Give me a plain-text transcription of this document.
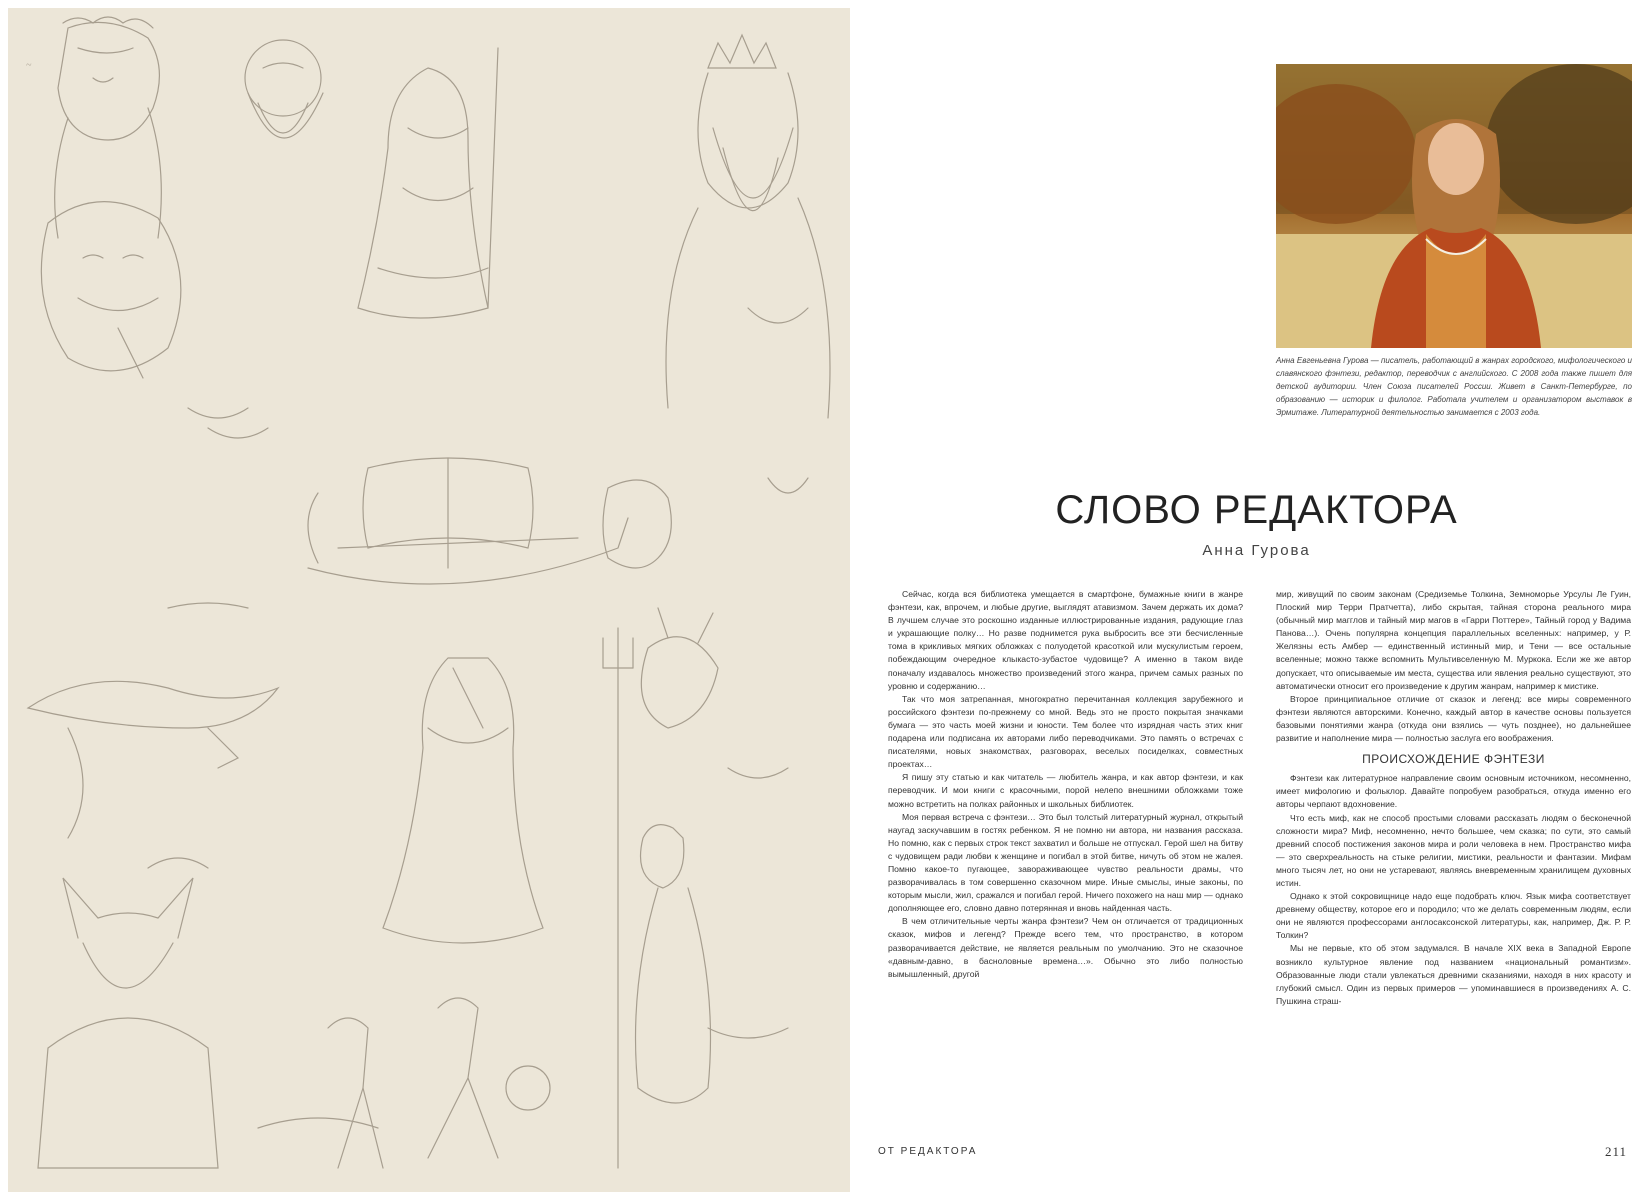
~
Анна Евгеньевна Гурова — писатель, работающий в жанрах городского, мифологического и славянского фэнтези, редактор, переводчик с английского. С 2008 года также пишет для детской аудитории. Член Союза писателей России. Живет в Санкт-Петербурге, по образованию — историк и филолог. Работала учителем и организатором выставок в Эрмитаже. Литературной деятельностью занимается с 2003 года.
СЛОВО РЕДАКТОРА
Анна Гурова

Сейчас, когда вся библиотека умещается в смартфоне, бумажные книги в жанре фэнтези, как, впрочем, и любые другие, выглядят атавизмом. Зачем держать их дома? В лучшем случае это роскошно изданные иллюстрированные издания, радующие глаз и украшающие полку… Но разве поднимется рука выбросить все эти бесчисленные тома в крикливых мягких обложках с полуодетой красоткой или мускулистым героем, побеждающим очередное клыкасто-зубастое чудовище? А именно в таком виде поначалу издавалось множество произведений этого жанра, причем самых разных по уровню и содержанию…

Так что моя затрепанная, многократно перечитанная коллекция зарубежного и российского фэнтези по-прежнему со мной. Ведь это не просто покрытая значками бумага — это часть моей жизни и юности. Тем более что изрядная часть этих книг подарена или подписана их авторами либо переводчиками. Это память о встречах с писателями, новых знакомствах, разговорах, веселых посиделках, совместных проектах…

Я пишу эту статью и как читатель — любитель жанра, и как автор фэнтези, и как переводчик. И мои книги с красочными, порой нелепо внешними обложками тоже можно встретить на полках районных и школьных библиотек.

Моя первая встреча с фэнтези… Это был толстый литературный журнал, открытый наугад заскучавшим в гостях ребенком. Я не помню ни автора, ни названия рассказа. Но помню, как с первых строк текст захватил и больше не отпускал. Герой шел на битву с чудовищем ради любви к женщине и погибал в этой битве, ничуть об этом не жалея. Помню какое-то пугающее, завораживающее чувство реальности драмы, что разворачивалась в том совершенно сказочном мире. Иные смыслы, иные законы, по которым мысли, жил, сражался и погибал герой. Ничего похожего на наш мир — однако дополняющее его, словно давно потерянная и вновь найденная часть.

В чем отличительные черты жанра фэнтези? Чем он отличается от традиционных сказок, мифов и легенд? Прежде всего тем, что пространство, в котором разворачивается действие, не является реальным по умолчанию. Это не сказочное «давным-давно, в басноловные времена…». Обычно это либо полностью вымышленный, другой

мир, живущий по своим законам (Средиземье Толкина, Земноморье Урсулы Ле Гуин, Плоский мир Терри Пратчетта), либо скрытая, тайная сторона реального мира (обычный мир магглов и тайный мир магов в «Гарри Поттере», Тайный город у Вадима Панова…). Очень популярна концепция параллельных вселенных: например, у Р. Желязны есть Амбер — единственный истинный мир, и Тени — все остальные вселенные; можно также вспомнить Мультивселенную М. Муркока. Если же же автор допускает, что описываемые им места, существа или явления реально существуют, это автоматически относит его произведение к другим жанрам, например к мистике.

Второе принципиальное отличие от сказок и легенд: все миры современного фэнтези являются авторскими. Конечно, каждый автор в качестве основы пользуется базовыми понятиями жанра (откуда они взялись — чуть позднее), но дальнейшее развитие и наполнение мира — полностью заслуга его воображения.

ПРОИСХОЖДЕНИЕ ФЭНТЕЗИ

Фэнтези как литературное направление своим основным источником, несомненно, имеет мифологию и фольклор. Давайте попробуем разобраться, откуда именно его авторы черпают вдохновение.

Что есть миф, как не способ простыми словами рассказать людям о бесконечной сложности мира? Миф, несомненно, нечто большее, чем сказка; по сути, это самый древний способ постижения законов мира и роли человека в нем. Пространство мифа — это сверхреальность на стыке религии, мистики, реальности и фантазии. Мифам много тысяч лет, но они не устаревают, являясь вневременным хранилищем духовных истин.

Однако к этой сокровищнице надо еще подобрать ключ. Язык мифа соответствует древнему обществу, которое его и породило; что же делать современным людям, если они не являются профессорами англосаксонской литературы, как, например, Дж. Р. Р. Толкин?

Мы не первые, кто об этом задумался. В начале XIX века в Западной Европе возникло культурное явление под названием «национальный романтизм». Образованные люди стали увлекаться древними сказаниями, находя в них красоту и глубокий смысл. Один из первых примеров — упоминавшиеся в произведениях А. С. Пушкина страш-

ОТ РЕДАКТОРА	211
